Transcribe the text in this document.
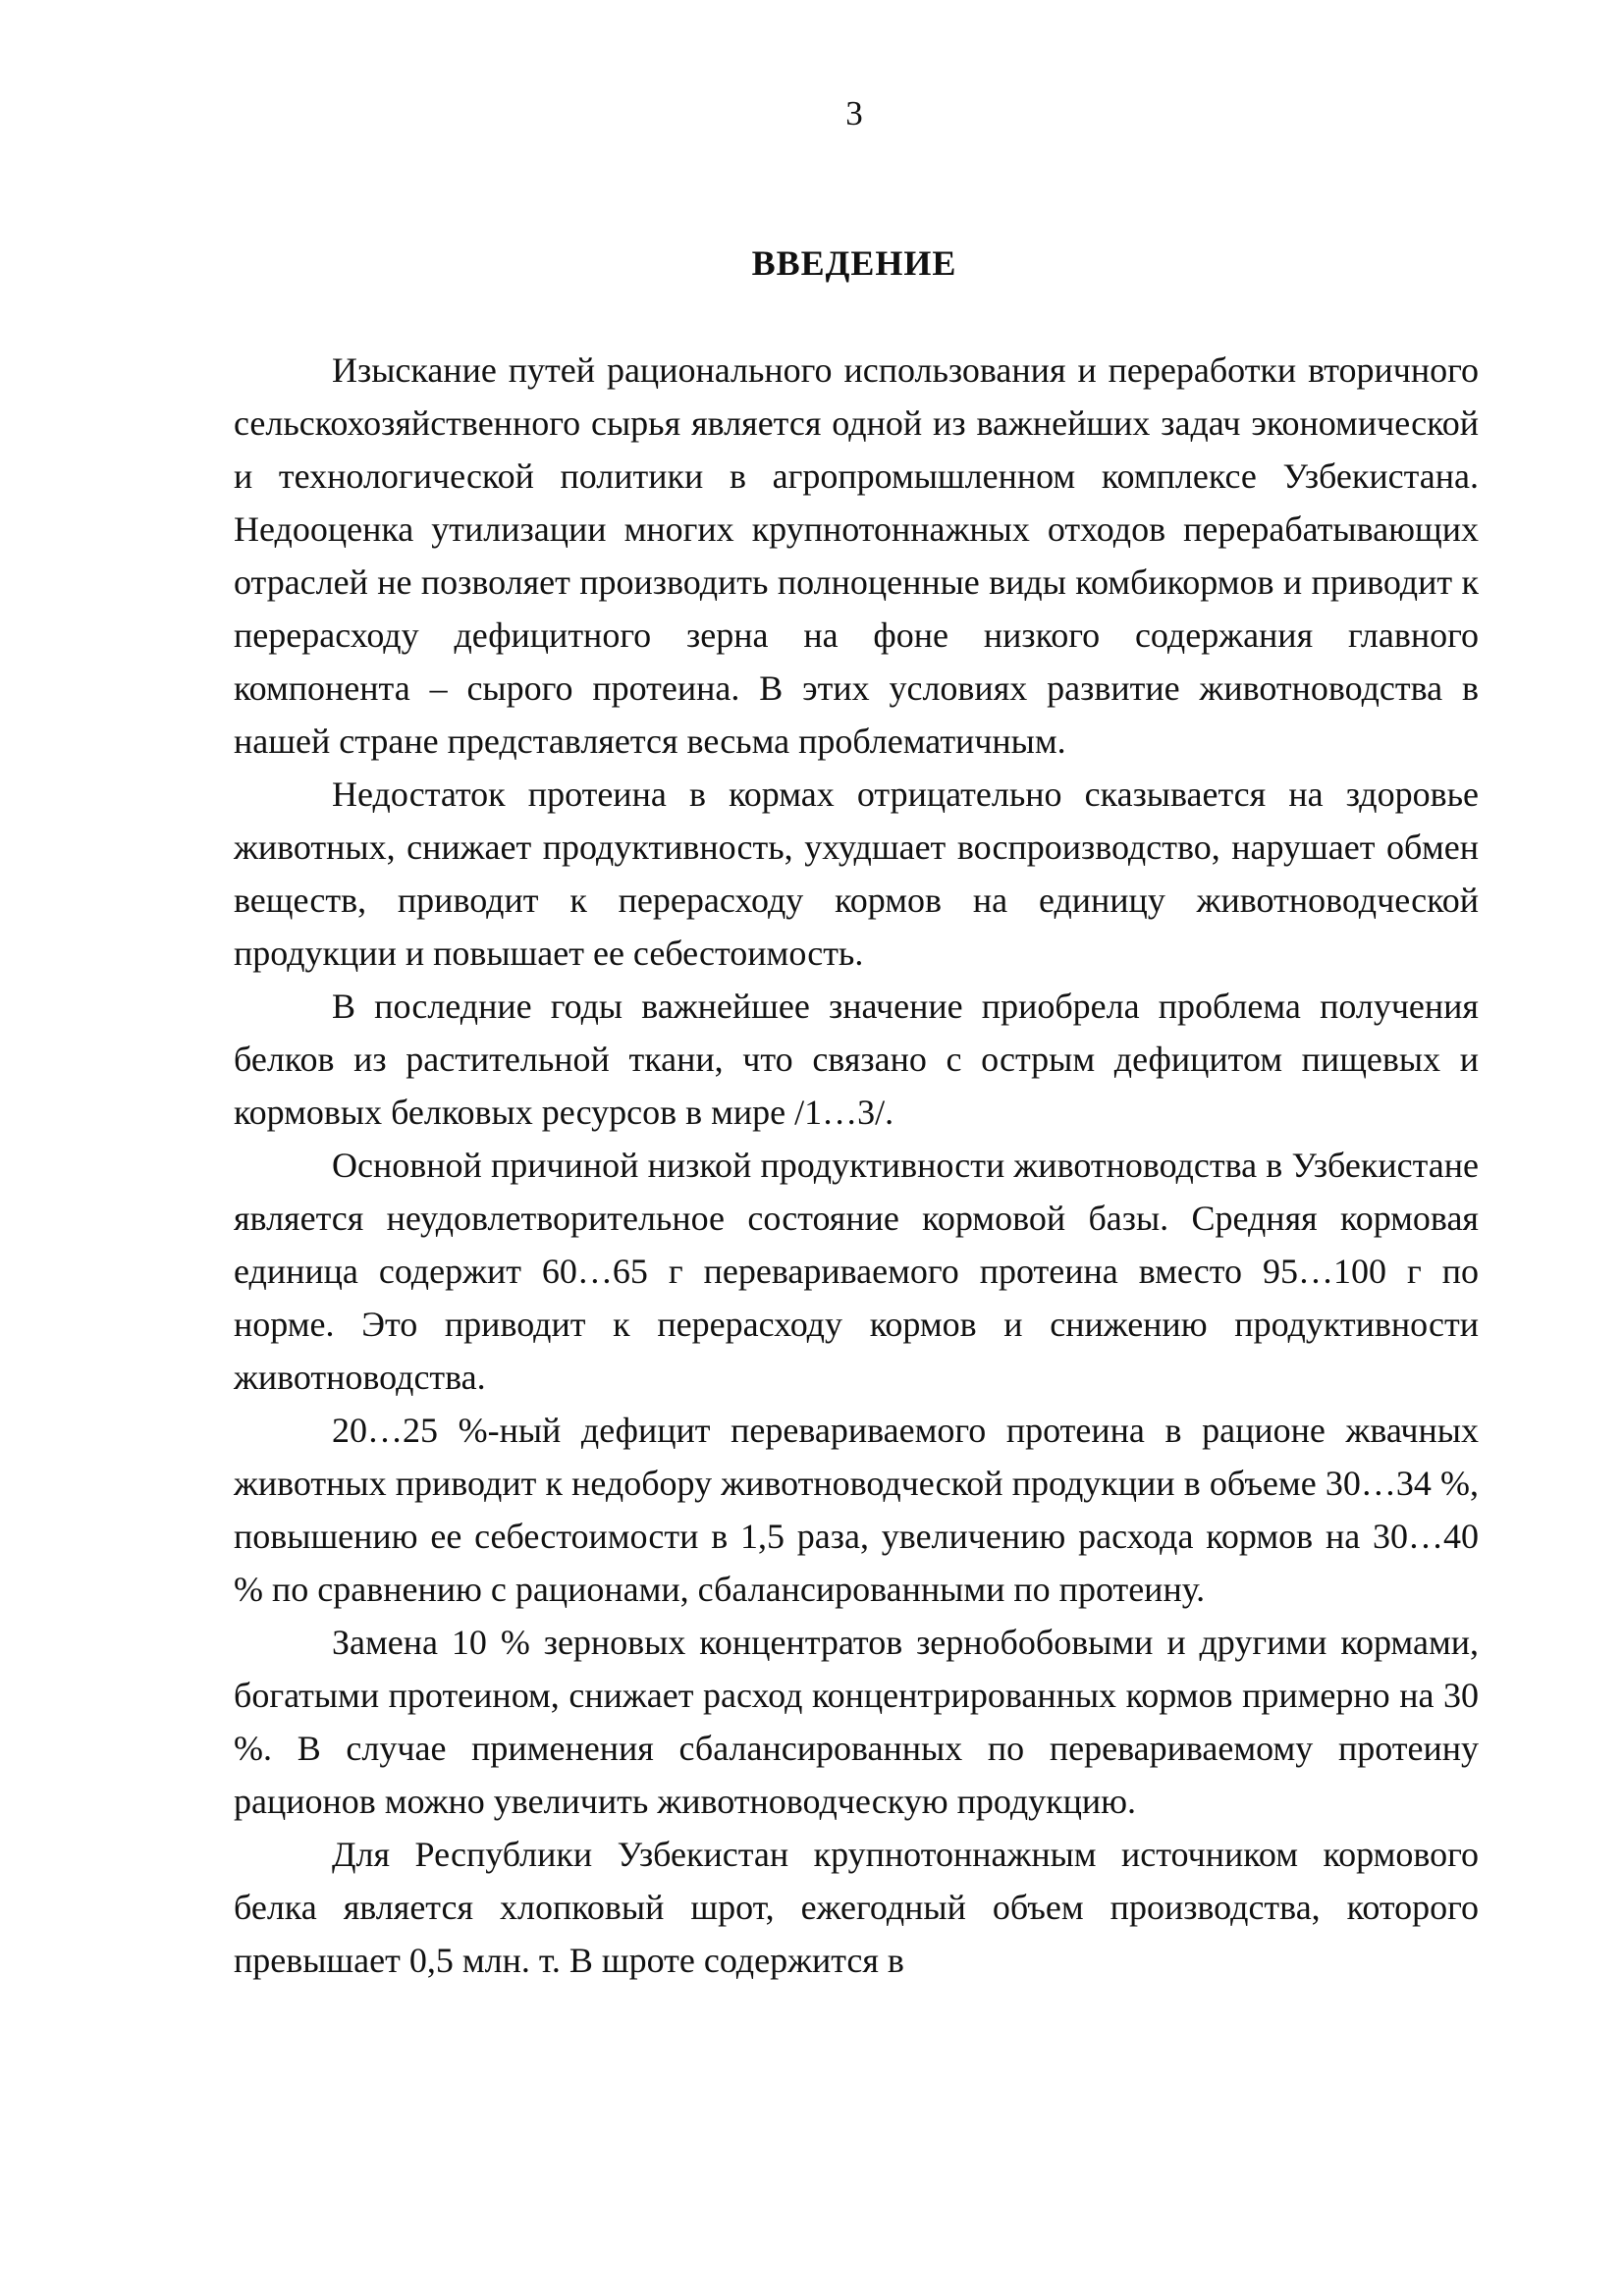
3
ВВЕДЕНИЕ

Изыскание путей рационального использования и переработки вторичного сельскохозяйственного сырья является одной из важнейших задач экономической и технологической политики в агропромышленном комплексе Узбекистана. Недооценка утилизации многих крупнотоннажных отходов перерабатывающих отраслей не позволяет производить полноценные виды комбикормов и приводит к перерасходу дефицитного зерна на фоне низкого содержания главного компонента – сырого протеина. В этих условиях развитие животноводства в нашей стране представляется весьма проблематичным.

Недостаток протеина в кормах отрицательно сказывается на здоровье животных, снижает продуктивность, ухудшает воспроизводство, нарушает обмен веществ, приводит к перерасходу кормов на единицу животноводческой продукции и повышает ее себестоимость.

В последние годы важнейшее значение приобрела проблема получения белков из растительной ткани, что связано с острым дефицитом пищевых и кормовых белковых ресурсов в мире /1…3/.

Основной причиной низкой продуктивности животноводства в Узбекистане является неудовлетворительное состояние кормовой базы. Средняя кормовая единица содержит 60…65 г перевариваемого протеина вместо 95…100 г по норме. Это приводит к перерасходу кормов и снижению продуктивности животноводства.

20…25 %-ный дефицит перевариваемого протеина в рационе жвачных животных приводит к недобору животноводческой продукции в объеме 30…34 %, повышению ее себестоимости в 1,5 раза, увеличению расхода кормов на 30…40 % по сравнению с рационами, сбалансированными по протеину.

Замена 10 % зерновых концентратов зернобобовыми и другими кормами, богатыми протеином, снижает расход концентрированных кормов примерно на 30 %. В случае применения сбалансированных по перевариваемому протеину рационов можно увеличить животноводческую продукцию.

Для Республики Узбекистан крупнотоннажным источником кормового белка является хлопковый шрот, ежегодный объем производства, которого превышает 0,5 млн. т. В шроте содержится в
